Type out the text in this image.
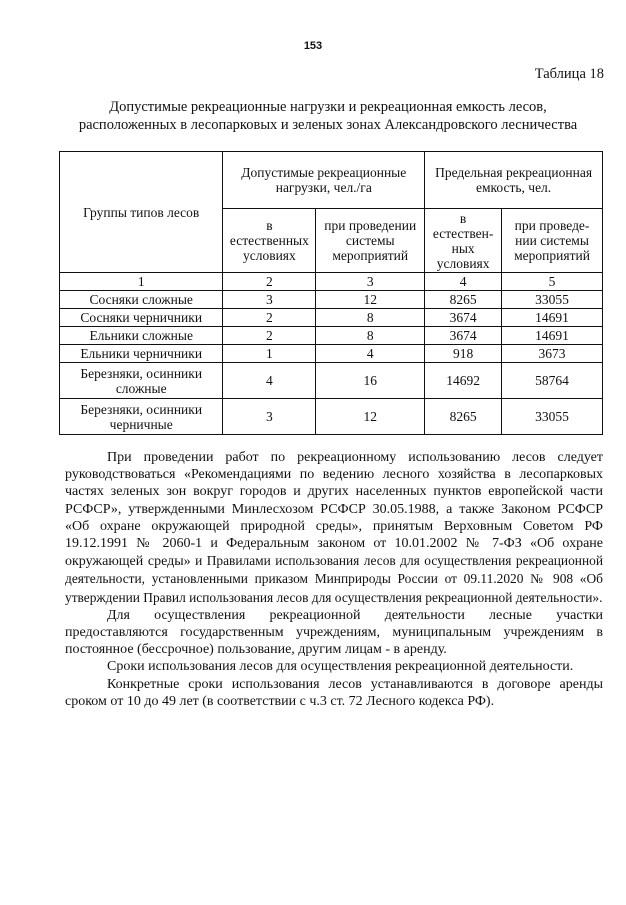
153
Таблица 18
Допустимые рекреационные нагрузки и рекреационная емкость лесов,
расположенных в лесопарковых и зеленых зонах Александровского лесничества
Группы типов лесов	Допустимые рекреационные нагрузки, чел./га		Предельная рекреационная емкость, чел.	
	в естественных условиях	при проведении системы мероприятий	в естествен-ных условиях	при проведе-нии системы мероприятий
1	2	3	4	5
Сосняки сложные	3	12	8265	33055
Сосняки черничники	2	8	3674	14691
Ельники сложные	2	8	3674	14691
Ельники черничники	1	4	918	3673
Березняки, осинники сложные	4	16	14692	58764
Березняки, осинники черничные	3	12	8265	33055

При проведении работ по рекреационному использованию лесов следует руководствоваться «Рекомендациями по ведению лесного хозяйства в лесопарковых частях зеленых зон вокруг городов и других населенных пунктов европейской части РСФСР», утвержденными Минлесхозом РСФСР 30.05.1988, а также Законом РСФСР «Об охране окружающей природной среды», принятым Верховным Советом РФ 19.12.1991 № 2060-1 и Федеральным законом от 10.01.2002 № 7-ФЗ «Об охране окружающей среды» и Правилами использования лесов для осуществления рекреационной деятельности, установленными приказом Минприроды России от 09.11.2020 № 908 «Об утверждении Правил использования лесов для осуществления рекреационной деятельности».

Для осуществления рекреационной деятельности лесные участки предоставляются государственным учреждениям, муниципальным учреждениям в постоянное (бессрочное) пользование, другим лицам - в аренду.

Сроки использования лесов для осуществления рекреационной деятельности.

Конкретные сроки использования лесов устанавливаются в договоре аренды сроком от 10 до 49 лет (в соответствии с ч.3 ст. 72 Лесного кодекса РФ).
